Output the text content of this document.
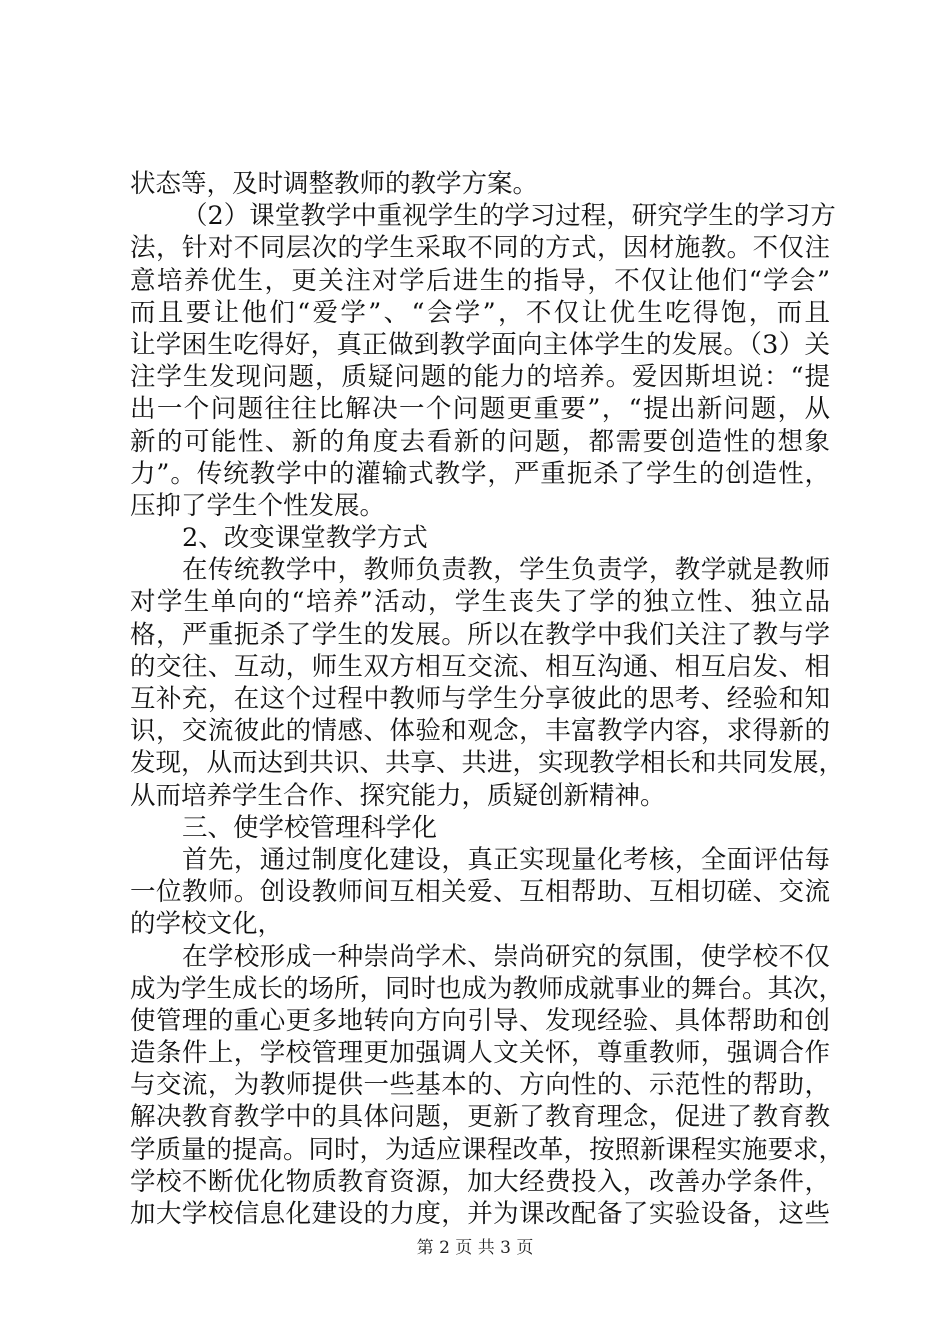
状态等，及时调整教师的教学方案。
（2）课堂教学中重视学生的学习过程，研究学生的学习方
法，针对不同层次的学生采取不同的方式，因材施教。不仅注
意培养优生，更关注对学后进生的指导，不仅让他们“学会”
而且要让他们“爱学”、“会学”，不仅让优生吃得饱，而且
让学困生吃得好，真正做到教学面向主体学生的发展。（3）关
注学生发现问题，质疑问题的能力的培养。爱因斯坦说：“提
出一个问题往往比解决一个问题更重要”，“提出新问题，从
新的可能性、新的角度去看新的问题，都需要创造性的想象
力”。传统教学中的灌输式教学，严重扼杀了学生的创造性，
压抑了学生个性发展。
2、改变课堂教学方式
在传统教学中，教师负责教，学生负责学，教学就是教师
对学生单向的“培养”活动，学生丧失了学的独立性、独立品
格，严重扼杀了学生的发展。所以在教学中我们关注了教与学
的交往、互动，师生双方相互交流、相互沟通、相互启发、相
互补充，在这个过程中教师与学生分享彼此的思考、经验和知
识，交流彼此的情感、体验和观念，丰富教学内容，求得新的
发现，从而达到共识、共享、共进，实现教学相长和共同发展，
从而培养学生合作、探究能力，质疑创新精神。
三、使学校管理科学化
首先，通过制度化建设，真正实现量化考核，全面评估每
一位教师。创设教师间互相关爱、互相帮助、互相切磋、交流
的学校文化，
在学校形成一种崇尚学术、崇尚研究的氛围，使学校不仅
成为学生成长的场所，同时也成为教师成就事业的舞台。其次，
使管理的重心更多地转向方向引导、发现经验、具体帮助和创
造条件上，学校管理更加强调人文关怀，尊重教师，强调合作
与交流，为教师提供一些基本的、方向性的、示范性的帮助，
解决教育教学中的具体问题，更新了教育理念，促进了教育教
学质量的提高。同时，为适应课程改革，按照新课程实施要求，
学校不断优化物质教育资源，加大经费投入，改善办学条件，
加大学校信息化建设的力度，并为课改配备了实验设备，这些
第 2 页 共 3 页
